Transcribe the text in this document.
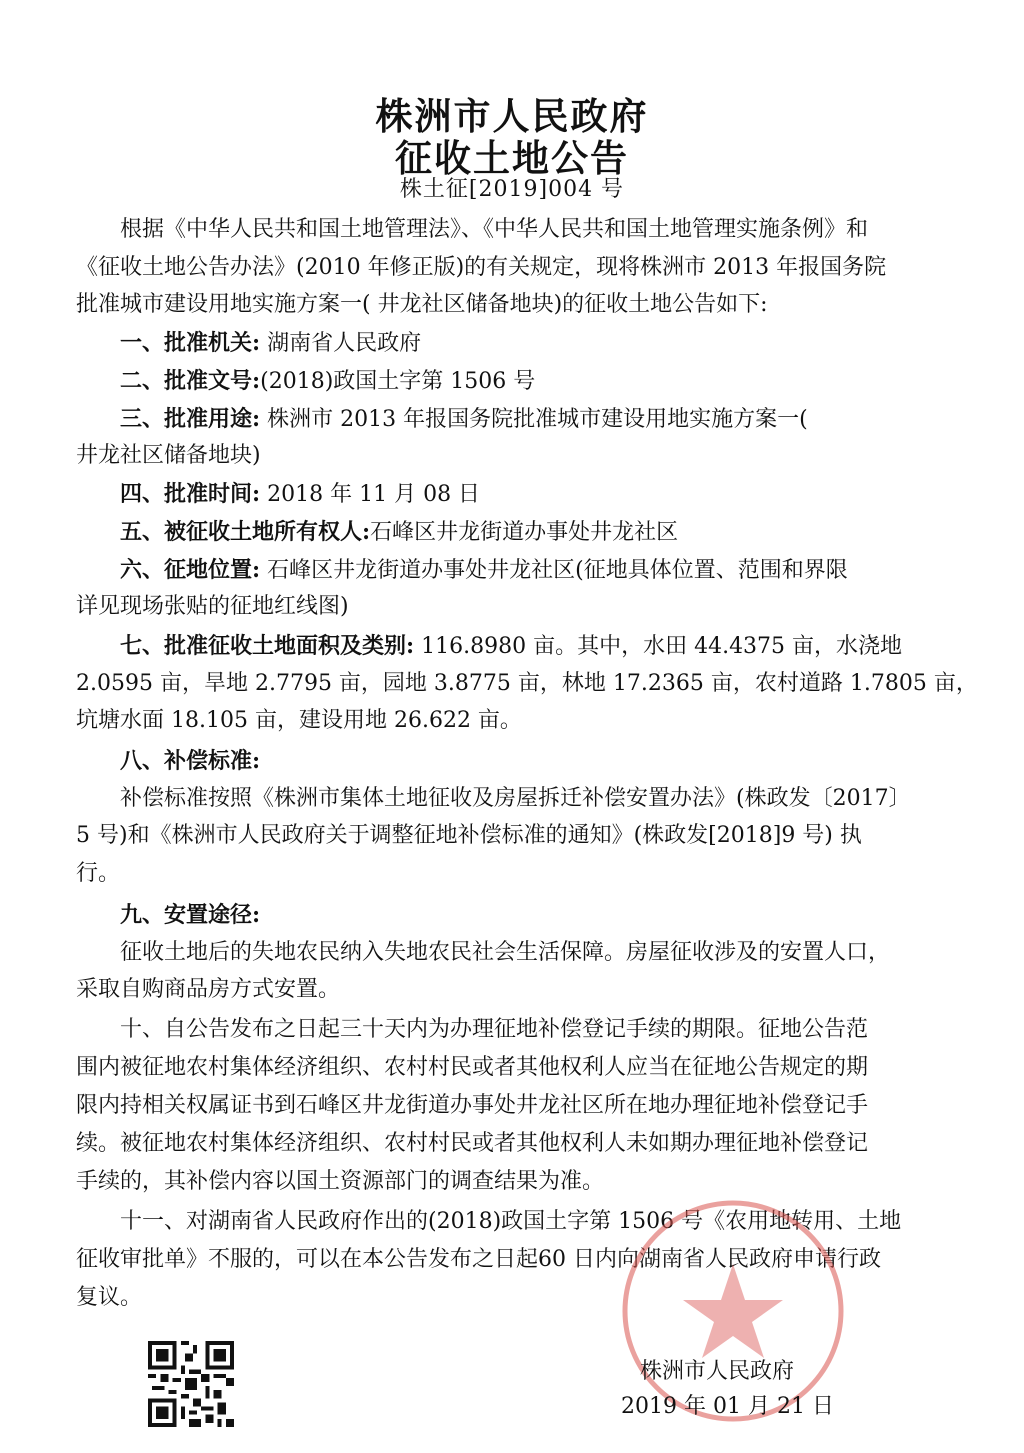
株洲市人民政府
征收土地公告
株土征[2019]004 号
根据《中华人民共和国土地管理法》、《中华人民共和国土地管理实施条例》和
《征收土地公告办法》(2010 年修正版)的有关规定，现将株洲市 2013 年报国务院
批准城市建设用地实施方案一( 井龙社区储备地块)的征收土地公告如下:
一、批准机关: 湖南省人民政府
二、批准文号:(2018)政国土字第 1506 号
三、批准用途: 株洲市 2013 年报国务院批准城市建设用地实施方案一(
井龙社区储备地块)
四、批准时间: 2018 年 11 月 08 日
五、被征收土地所有权人:石峰区井龙街道办事处井龙社区
六、征地位置: 石峰区井龙街道办事处井龙社区(征地具体位置、范围和界限
详见现场张贴的征地红线图)
七、批准征收土地面积及类别: 116.8980 亩。其中，水田 44.4375 亩，水浇地
2.0595 亩，旱地 2.7795 亩，园地 3.8775 亩，林地 17.2365 亩，农村道路 1.7805 亩，
坑塘水面 18.105 亩，建设用地 26.622 亩。
八、补偿标准:
补偿标准按照《株洲市集体土地征收及房屋拆迁补偿安置办法》(株政发〔2017〕
5 号)和《株洲市人民政府关于调整征地补偿标准的通知》(株政发[2018]9 号) 执
行。
九、安置途径:
征收土地后的失地农民纳入失地农民社会生活保障。房屋征收涉及的安置人口，
采取自购商品房方式安置。
十、自公告发布之日起三十天内为办理征地补偿登记手续的期限。征地公告范
围内被征地农村集体经济组织、农村村民或者其他权利人应当在征地公告规定的期
限内持相关权属证书到石峰区井龙街道办事处井龙社区所在地办理征地补偿登记手
续。被征地农村集体经济组织、农村村民或者其他权利人未如期办理征地补偿登记
手续的，其补偿内容以国土资源部门的调查结果为准。
十一、对湖南省人民政府作出的(2018)政国土字第 1506 号《农用地转用、土地
征收审批单》不服的，可以在本公告发布之日起60 日内向湖南省人民政府申请行政
复议。
株洲市人民政府
2019 年 01 月 21 日
